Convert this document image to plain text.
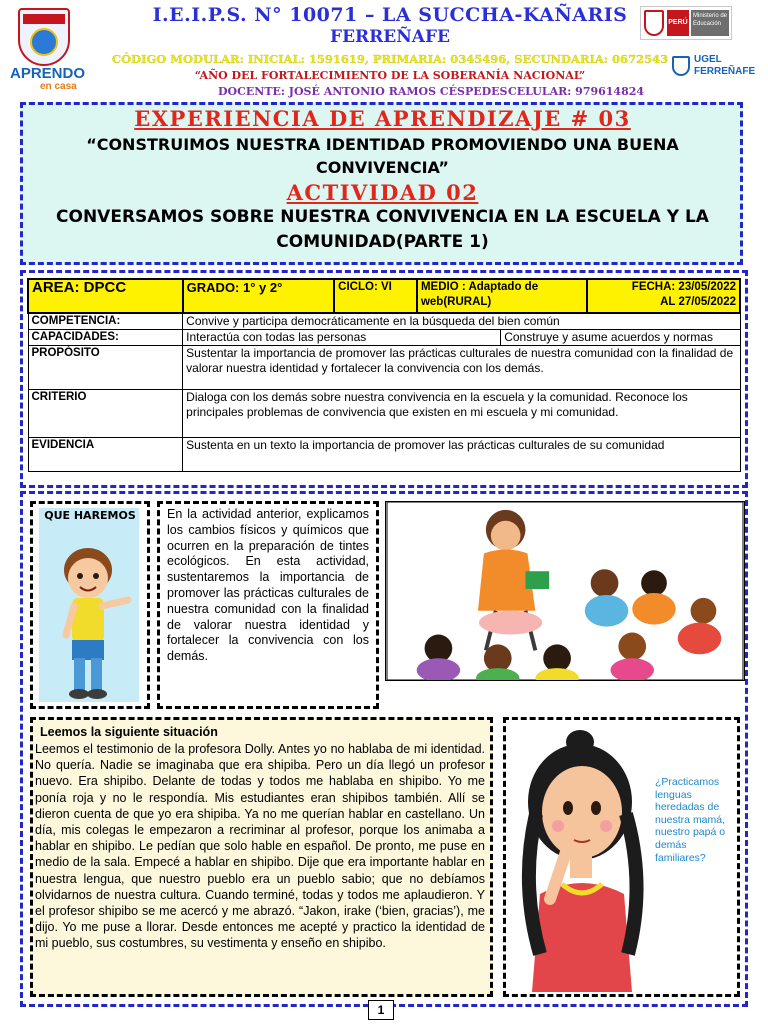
APRENDO
en casa
I.E.I.P.S. N° 10071 – LA SUCCHA-KAÑARIS
FERREÑAFE
CÓDIGO MODULAR: INICIAL: 1591619, PRIMARIA: 0345496, SECUNDARIA: 0672543
“AÑO DEL FORTALECIMIENTO DE LA SOBERANÍA NACIONAL”
DOCENTE: JOSÉ ANTONIO RAMOS CÉSPEDES CELULAR: 979614824
PERÚ
Ministerio de Educación
UGEL
FERREÑAFE
EXPERIENCIA DE APRENDIZAJE # 03
“CONSTRUIMOS NUESTRA IDENTIDAD PROMOVIENDO UNA BUENA CONVIVENCIA”
ACTIVIDAD 02
CONVERSAMOS SOBRE NUESTRA CONVIVENCIA EN LA ESCUELA Y LA COMUNIDAD(PARTE 1)
AREA: DPCC	GRADO: 1° y 2°	CICLO: VI	MEDIO : Adaptado de web(RURAL)		FECHA: 23/05/2022
AL 27/05/2022
COMPETENCIA:	Convive y participa democráticamente en la búsqueda del bien común				
CAPACIDADES:	Interactúa con todas las personas			Construye y asume acuerdos y normas	
PROPÓSITO	Sustentar la importancia de promover las prácticas culturales de nuestra comunidad con la finalidad de valorar nuestra identidad y fortalecer la convivencia con los demás.				
CRITERIO	Dialoga con los demás sobre nuestra convivencia en la escuela y la comunidad. Reconoce los principales problemas de convivencia que existen en mi escuela y mi comunidad.				
EVIDENCIA	Sustenta en un texto la importancia de promover las prácticas culturales de su comunidad				
QUE HAREMOS	En la actividad anterior, explicamos los cambios físicos y químicos que ocurren en la preparación de tintes ecológicos. En esta actividad, sustentaremos la importancia de promover las prácticas culturales de nuestra comunidad con la finalidad de valorar nuestra identidad y fortalecer la convivencia con los demás.
Leemos la siguiente situación
Leemos el testimonio de la profesora Dolly. Antes yo no hablaba de mi identidad. No quería. Nadie se imaginaba que era shipiba. Pero un día llegó un profesor nuevo. Era shipibo. Delante de todas y todos me hablaba en shipibo. Yo me ponía roja y no le respondía. Mis estudiantes eran shipibos también. Allí se dieron cuenta de que yo era shipiba. Ya no me querían hablar en castellano. Un día, mis colegas le empezaron a recriminar al profesor, porque los animaba a hablar en shipibo. Le pedían que solo hable en español. De pronto, me puse en medio de la sala. Empecé a hablar en shipibo. Dije que era importante hablar en nuestra lengua, que nuestro pueblo era un pueblo sabio; que no debíamos olvidarnos de nuestra cultura. Cuando terminé, todas y todos me aplaudieron. Y el profesor shipibo se me acercó y me abrazó. “Jakon, irake (‘bien, gracias’), me dijo. Yo me puse a llorar. Desde entonces me acepté y practico la identidad de mi pueblo, sus costumbres, su vestimenta y enseño en shipibo.
¿Practicamos lenguas heredadas de nuestra mamá, nuestro papá o demás familiares?
1
